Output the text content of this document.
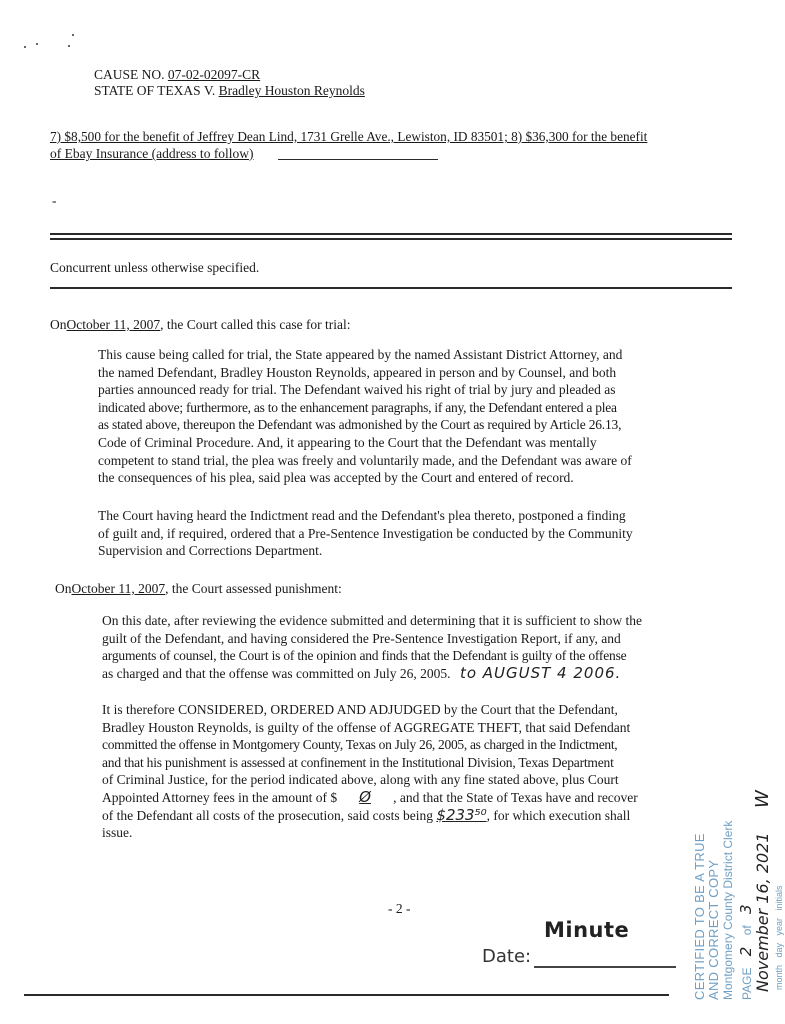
CAUSE NO. 07-02-02097-CR
STATE OF TEXAS V. Bradley Houston Reynolds
7) $8,500 for the benefit of Jeffrey Dean Lind, 1731 Grelle Ave., Lewiston, ID 83501; 8) $36,300 for the benefit
of Ebay Insurance (address to follow)
-
Concurrent unless otherwise specified.
OnOctober 11, 2007, the Court called this case for trial:
This cause being called for trial, the State appeared by the named Assistant District Attorney, and
the named Defendant, Bradley Houston Reynolds, appeared in person and by Counsel, and both
parties announced ready for trial. The Defendant waived his right of trial by jury and pleaded as
indicated above; furthermore, as to the enhancement paragraphs, if any, the Defendant entered a plea
as stated above, thereupon the Defendant was admonished by the Court as required by Article 26.13,
Code of Criminal Procedure. And, it appearing to the Court that the Defendant was mentally
competent to stand trial, the plea was freely and voluntarily made, and the Defendant was aware of
the consequences of his plea, said plea was accepted by the Court and entered of record.
The Court having heard the Indictment read and the Defendant's plea thereto, postponed a finding
of guilt and, if required, ordered that a Pre-Sentence Investigation be conducted by the Community
Supervision and Corrections Department.
OnOctober 11, 2007, the Court assessed punishment:
On this date, after reviewing the evidence submitted and determining that it is sufficient to show the
guilt of the Defendant, and having considered the Pre-Sentence Investigation Report, if any, and
arguments of counsel, the Court is of the opinion and finds that the Defendant is guilty of the offense
as charged and that the offense was committed on July 26, 2005. to AUGUST 4 2006.
It is therefore CONSIDERED, ORDERED AND ADJUDGED by the Court that the Defendant,
Bradley Houston Reynolds, is guilty of the offense of AGGREGATE THEFT, that said Defendant
committed the offense in Montgomery County, Texas on July 26, 2005, as charged in the Indictment,
and that his punishment is assessed at confinement in the Institutional Division, Texas Department
of Criminal Justice, for the period indicated above, along with any fine stated above, plus Court
Appointed Attorney fees in the amount of $ Ø , and that the State of Texas have and recover
of the Defendant all costs of the prosecution, said costs being $233⁵⁰, for which execution shall
issue.
- 2 -
Minute
Date:	CERTIFIED TO BE A TRUE AND CORRECT COPY Montgomery County District Clerk PAGE 2 of 3
November 16, 2021
W
month   day   year   initials
